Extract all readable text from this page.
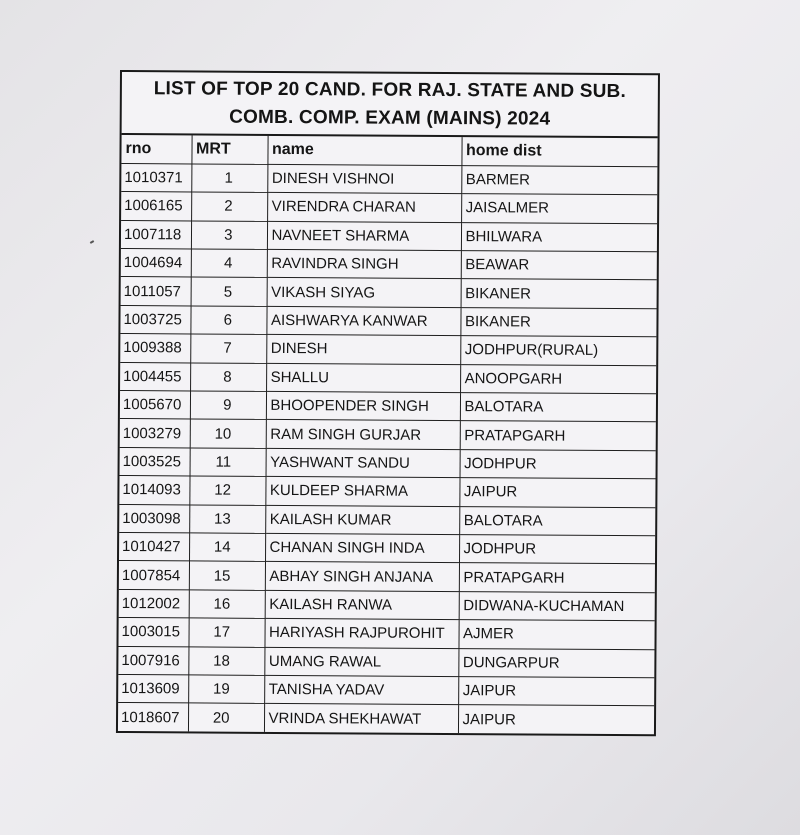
LIST OF TOP 20 CAND. FOR RAJ. STATE AND SUB. COMB. COMP. EXAM (MAINS) 2024
rno	MRT	name	home dist
1010371	1	DINESH VISHNOI	BARMER
1006165	2	VIRENDRA CHARAN	JAISALMER
1007118	3	NAVNEET SHARMA	BHILWARA
1004694	4	RAVINDRA SINGH	BEAWAR
1011057	5	VIKASH SIYAG	BIKANER
1003725	6	AISHWARYA KANWAR	BIKANER
1009388	7	DINESH	JODHPUR(RURAL)
1004455	8	SHALLU	ANOOPGARH
1005670	9	BHOOPENDER SINGH	BALOTARA
1003279	10	RAM SINGH GURJAR	PRATAPGARH
1003525	11	YASHWANT SANDU	JODHPUR
1014093	12	KULDEEP SHARMA	JAIPUR
1003098	13	KAILASH KUMAR	BALOTARA
1010427	14	CHANAN SINGH INDA	JODHPUR
1007854	15	ABHAY SINGH ANJANA	PRATAPGARH
1012002	16	KAILASH RANWA	DIDWANA-KUCHAMAN
1003015	17	HARIYASH RAJPUROHIT	AJMER
1007916	18	UMANG RAWAL	DUNGARPUR
1013609	19	TANISHA YADAV	JAIPUR
1018607	20	VRINDA SHEKHAWAT	JAIPUR
